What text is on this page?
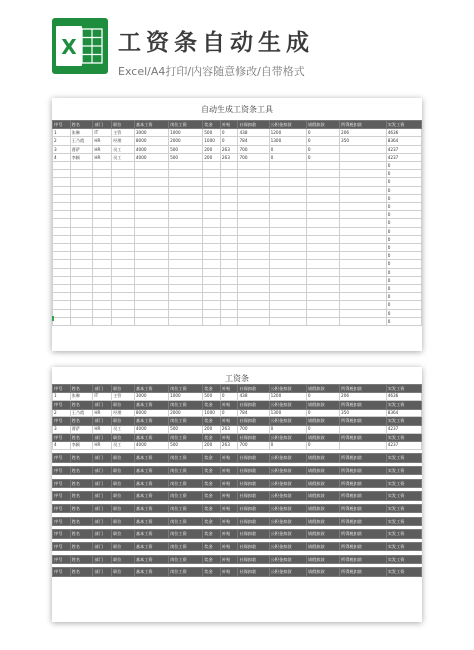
X 工资条自动生成
Excel/A4打印/内容随意修改/自带格式
自动生成工资条工具
序号	姓名	部门	职位	基本工资	岗位工资	奖金	补贴	社保扣款	公积金扣款	请假扣款	所得税扣款	实发工资
1	张琳	IT	主管	3000	1000	500	0	438	1200	0	206	4636
2	王乃霞	HR	经理	8000	2000	1000	0	784	1300	0	350	8364
3	曹萨	HR	员工	4000	500	200	263	700	0	0		4237
4	李颖	HR	员工	4000	500	200	263	700	0	0		4237
												0
												0
												0
												0
												0
												0
												0
												0
												0
												0
												0
												0
												0
												0
												0
												0
												0
												0
												0
												0
工资条
序号	姓名	部门	职位	基本工资	岗位工资	奖金	补贴	社保扣款	公积金扣款	请假扣款	所得税扣款	实发工资
1	张琳	IT	主管	3000	1000	500	0	438	1200	0	206	4636
序号	姓名	部门	职位	基本工资	岗位工资	奖金	补贴	社保扣款	公积金扣款	请假扣款	所得税扣款	实发工资
2	王乃霞	HR	经理	8000	2000	1000	0	784	1300	0	350	8364
序号	姓名	部门	职位	基本工资	岗位工资	奖金	补贴	社保扣款	公积金扣款	请假扣款	所得税扣款	实发工资
3	曹萨	HR	员工	4000	500	200	263	700	0	0		4237
序号	姓名	部门	职位	基本工资	岗位工资	奖金	补贴	社保扣款	公积金扣款	请假扣款	所得税扣款	实发工资
4	李颖	HR	员工	4000	500	200	263	700	0	0		4237

序号	姓名	部门	职位	基本工资	岗位工资	奖金	补贴	社保扣款	公积金扣款	请假扣款	所得税扣款	实发工资

序号	姓名	部门	职位	基本工资	岗位工资	奖金	补贴	社保扣款	公积金扣款	请假扣款	所得税扣款	实发工资

序号	姓名	部门	职位	基本工资	岗位工资	奖金	补贴	社保扣款	公积金扣款	请假扣款	所得税扣款	实发工资

序号	姓名	部门	职位	基本工资	岗位工资	奖金	补贴	社保扣款	公积金扣款	请假扣款	所得税扣款	实发工资

序号	姓名	部门	职位	基本工资	岗位工资	奖金	补贴	社保扣款	公积金扣款	请假扣款	所得税扣款	实发工资

序号	姓名	部门	职位	基本工资	岗位工资	奖金	补贴	社保扣款	公积金扣款	请假扣款	所得税扣款	实发工资

序号	姓名	部门	职位	基本工资	岗位工资	奖金	补贴	社保扣款	公积金扣款	请假扣款	所得税扣款	实发工资

序号	姓名	部门	职位	基本工资	岗位工资	奖金	补贴	社保扣款	公积金扣款	请假扣款	所得税扣款	实发工资

序号	姓名	部门	职位	基本工资	岗位工资	奖金	补贴	社保扣款	公积金扣款	请假扣款	所得税扣款	实发工资

序号	姓名	部门	职位	基本工资	岗位工资	奖金	补贴	社保扣款	公积金扣款	请假扣款	所得税扣款	实发工资
